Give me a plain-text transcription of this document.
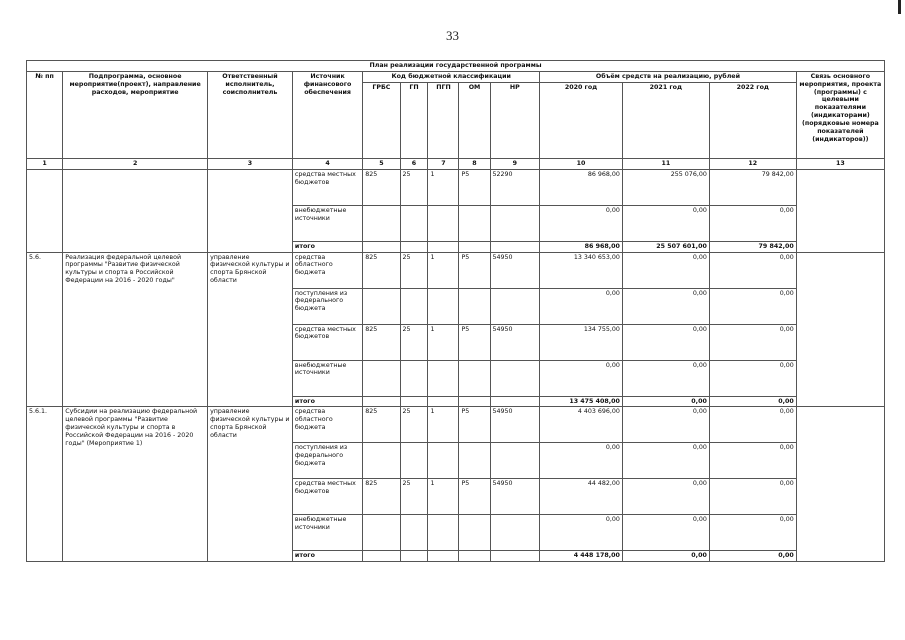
33
План реализации государственной программы												
№ пп	Подпрограмма, основное мероприятие(проект), направление расходов, мероприятие	Ответственный исполнитель, соисполнитель	Источник финансового обеспечения	Код бюджетной классификации					Объём средств на реализацию, рублей			Связь основного мероприятия, проекта (программы) с целевыми показателями (индикаторами) (порядковые номера показателей (индикаторов))
				ГРБС	ГП	ПГП	ОМ	НР	2020 год	2021 год	2022 год	
1	2	3	4	5	6	7	8	9	10	11	12	13
			средства местных бюджетов	825	25	1	P5	52290	86 968,00	255 076,00	79 842,00	
			внебюджетные источники						0,00	0,00	0,00	
			итого						86 968,00	25 507 601,00	79 842,00	
5.6.	Реализация федеральной целевой программы "Развитие физической культуры и спорта в Российской Федерации на 2016 - 2020 годы"	управление физической культуры и спорта Брянской области	средства областного бюджета	825	25	1	P5	54950	13 340 653,00	0,00	0,00	
			поступления из федерального бюджета						0,00	0,00	0,00	
			средства местных бюджетов	825	25	1	P5	54950	134 755,00	0,00	0,00	
			внебюджетные источники						0,00	0,00	0,00	
			итого						13 475 408,00	0,00	0,00	
5.6.1.	Субсидии на реализацию федеральной целевой программы "Развитие физической культуры и спорта в Российской Федерации на 2016 - 2020 годы" (Мероприятие 1)	управление физической культуры и спорта Брянской области	средства областного бюджета	825	25	1	P5	54950	4 403 696,00	0,00	0,00	
			поступления из федерального бюджета						0,00	0,00	0,00	
			средства местных бюджетов	825	25	1	P5	54950	44 482,00	0,00	0,00	
			внебюджетные источники						0,00	0,00	0,00	
			итого						4 448 178,00	0,00	0,00	
